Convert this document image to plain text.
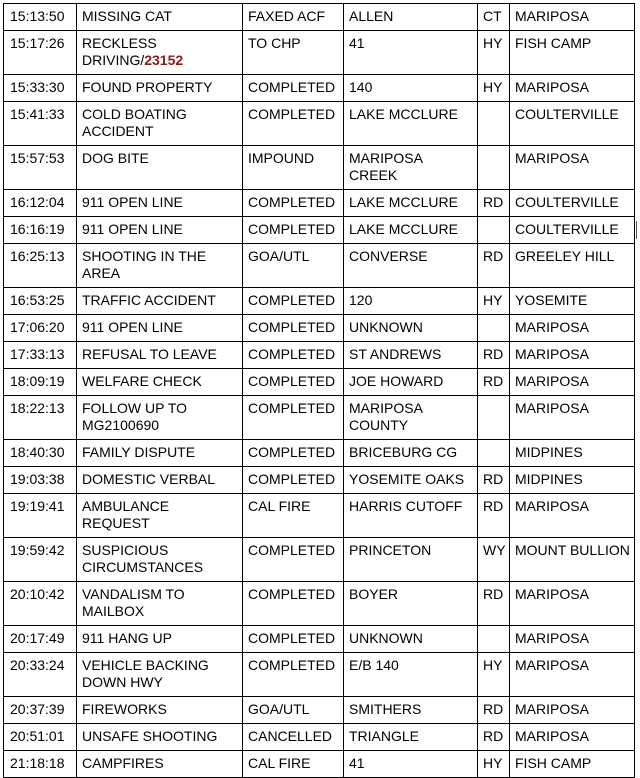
15:13:50	MISSING CAT	FAXED ACF	ALLEN	CT	MARIPOSA
15:17:26	RECKLESS DRIVING/23152	TO CHP	41	HY	FISH CAMP
15:33:30	FOUND PROPERTY	COMPLETED	140	HY	MARIPOSA
15:41:33	COLD BOATING ACCIDENT	COMPLETED	LAKE MCCLURE		COULTERVILLE
15:57:53	DOG BITE	IMPOUND	MARIPOSA CREEK		MARIPOSA
16:12:04	911 OPEN LINE	COMPLETED	LAKE MCCLURE	RD	COULTERVILLE
16:16:19	911 OPEN LINE	COMPLETED	LAKE MCCLURE		COULTERVILLE
16:25:13	SHOOTING IN THE AREA	GOA/UTL	CONVERSE	RD	GREELEY HILL
16:53:25	TRAFFIC ACCIDENT	COMPLETED	120	HY	YOSEMITE
17:06:20	911 OPEN LINE	COMPLETED	UNKNOWN		MARIPOSA
17:33:13	REFUSAL TO LEAVE	COMPLETED	ST ANDREWS	RD	MARIPOSA
18:09:19	WELFARE CHECK	COMPLETED	JOE HOWARD	RD	MARIPOSA
18:22:13	FOLLOW UP TO MG2100690	COMPLETED	MARIPOSA COUNTY		MARIPOSA
18:40:30	FAMILY DISPUTE	COMPLETED	BRICEBURG CG		MIDPINES
19:03:38	DOMESTIC VERBAL	COMPLETED	YOSEMITE OAKS	RD	MIDPINES
19:19:41	AMBULANCE REQUEST	CAL FIRE	HARRIS CUTOFF	RD	MARIPOSA
19:59:42	SUSPICIOUS CIRCUMSTANCES	COMPLETED	PRINCETON	WY	MOUNT BULLION
20:10:42	VANDALISM TO MAILBOX	COMPLETED	BOYER	RD	MARIPOSA
20:17:49	911 HANG UP	COMPLETED	UNKNOWN		MARIPOSA
20:33:24	VEHICLE BACKING DOWN HWY	COMPLETED	E/B 140	HY	MARIPOSA
20:37:39	FIREWORKS	GOA/UTL	SMITHERS	RD	MARIPOSA
20:51:01	UNSAFE SHOOTING	CANCELLED	TRIANGLE	RD	MARIPOSA
21:18:18	CAMPFIRES	CAL FIRE	41	HY	FISH CAMP
